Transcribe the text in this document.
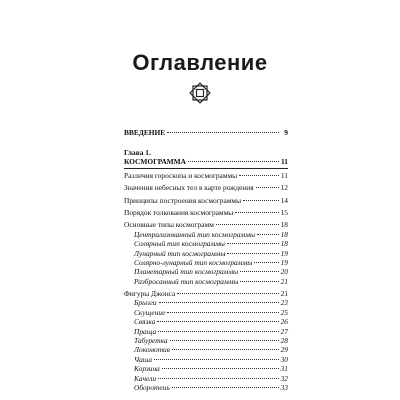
Оглавление
ВВЕДЕНИЕ	9
Глава 1.
КОСМОГРАММА	11
Различия гороскопа и космограммы	11
Значения небесных тел в карте рождения	12
Принципы построения космограммы	14
Порядок толкования космограммы	15
Основные типы космограмм	18
Централизованный тип космограммы	18
Солярный тип космограммы	18
Лунарный тип космограммы	19
Солярно-лунарный тип космограммы	19
Планетарный тип космограммы	20
Разбросанный тип космограммы	21
Фигуры Джонса	21
Брызги	23
Скущение	25
Связка	26
Праща	27
Табуретка	28
Локомотив	29
Чаша	30
Корзина	31
Качели	32
Оборотень	33
